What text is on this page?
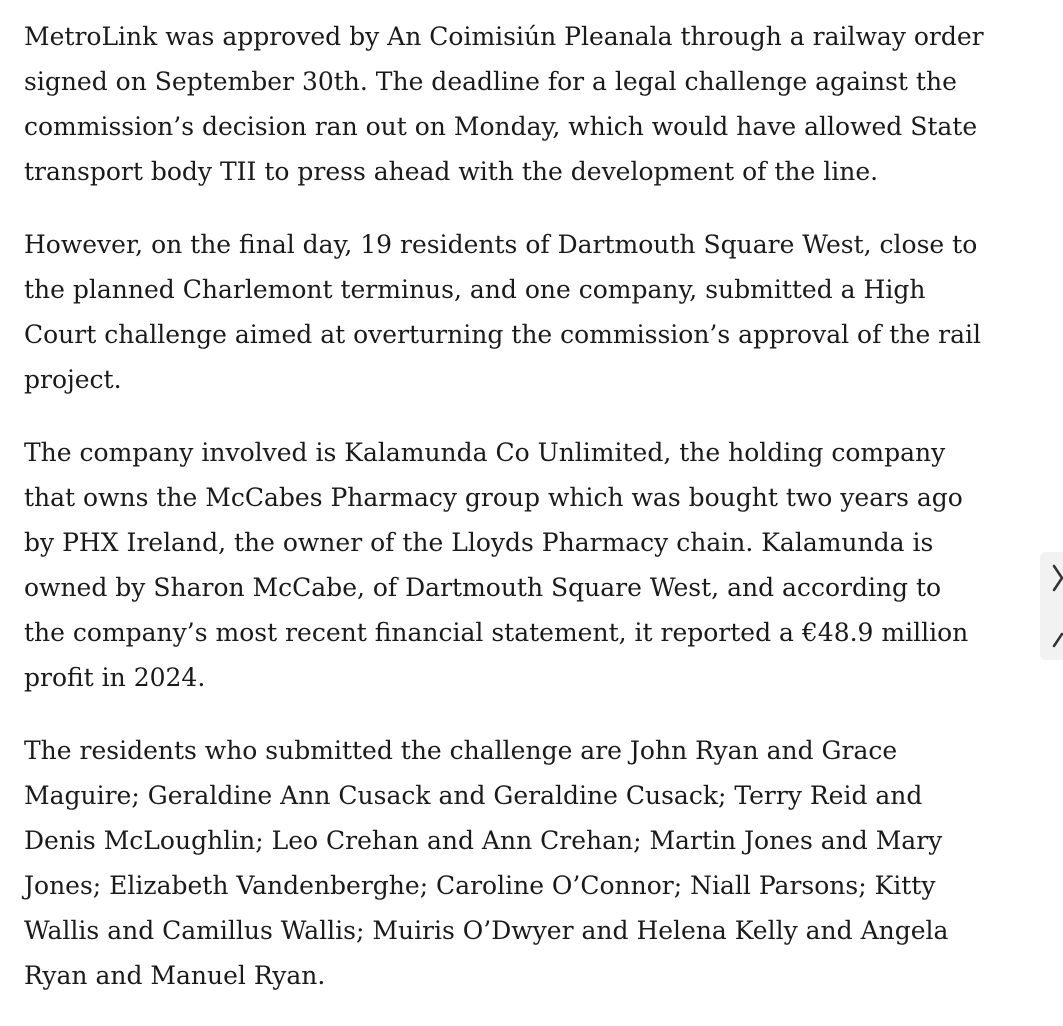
MetroLink was approved by An Coimisiún Pleanala through a railway order
signed on September 30th. The deadline for a legal challenge against the
commission’s decision ran out on Monday, which would have allowed State
transport body TII to press ahead with the development of the line.

However, on the final day, 19 residents of Dartmouth Square West, close to
the planned Charlemont terminus, and one company, submitted a High
Court challenge aimed at overturning the commission’s approval of the rail
project.

The company involved is Kalamunda Co Unlimited, the holding company
that owns the McCabes Pharmacy group which was bought two years ago
by PHX Ireland, the owner of the Lloyds Pharmacy chain. Kalamunda is
owned by Sharon McCabe, of Dartmouth Square West, and according to
the company’s most recent financial statement, it reported a €48.9 million
profit in 2024.

The residents who submitted the challenge are John Ryan and Grace
Maguire; Geraldine Ann Cusack and Geraldine Cusack; Terry Reid and
Denis McLoughlin; Leo Crehan and Ann Crehan; Martin Jones and Mary
Jones; Elizabeth Vandenberghe; Caroline O’Connor; Niall Parsons; Kitty
Wallis and Camillus Wallis; Muiris O’Dwyer and Helena Kelly and Angela
Ryan and Manuel Ryan.
